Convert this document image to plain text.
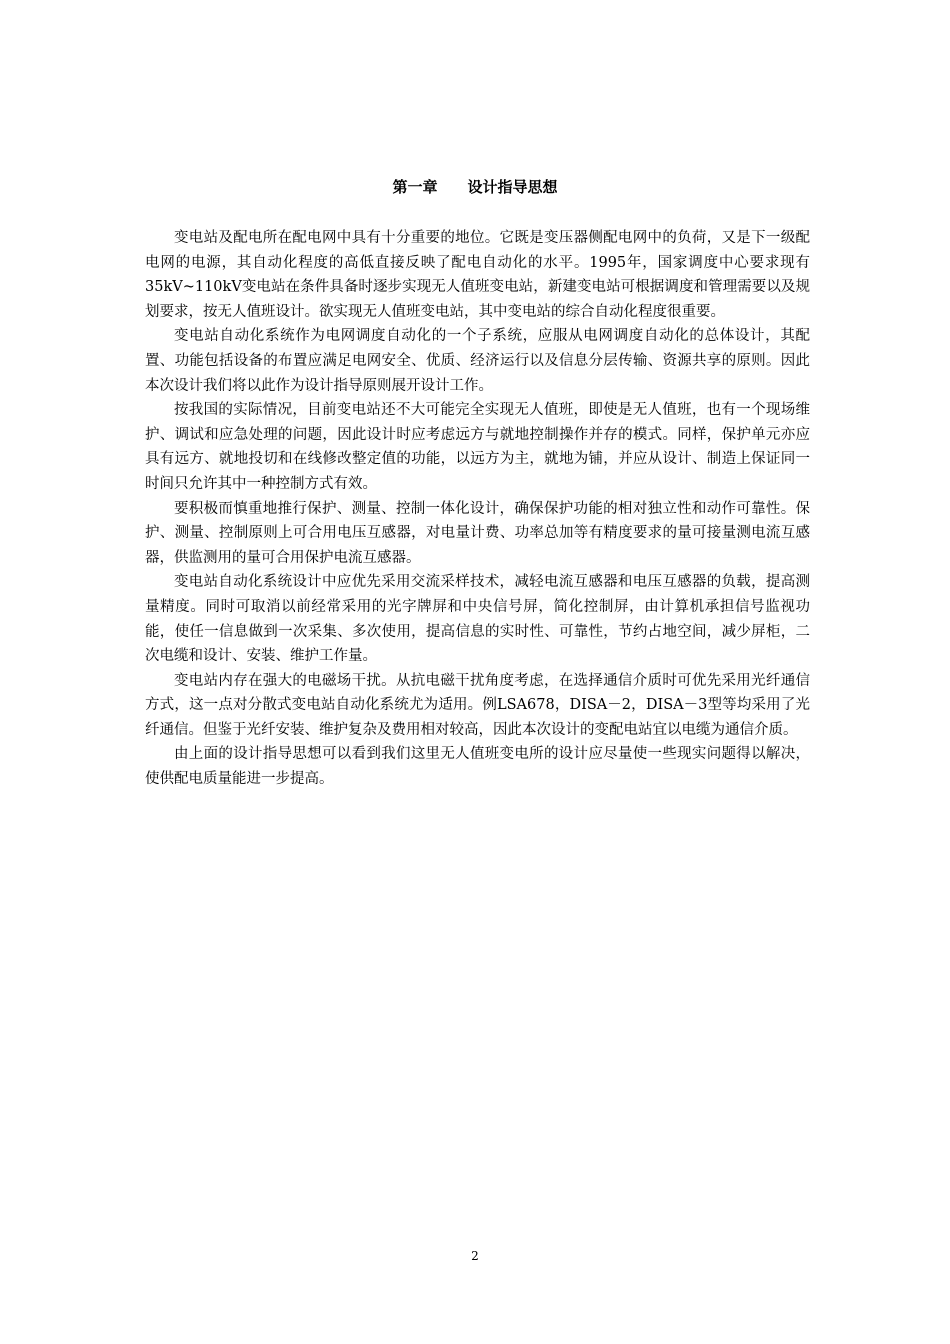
第一章　　设计指导思想

变电站及配电所在配电网中具有十分重要的地位。它既是变压器侧配电网中的负荷，又是下一级配电网的电源，其自动化程度的高低直接反映了配电自动化的水平。1995年，国家调度中心要求现有35kV~110kV变电站在条件具备时逐步实现无人值班变电站，新建变电站可根据调度和管理需要以及规划要求，按无人值班设计。欲实现无人值班变电站，其中变电站的综合自动化程度很重要。

变电站自动化系统作为电网调度自动化的一个子系统，应服从电网调度自动化的总体设计，其配置、功能包括设备的布置应满足电网安全、优质、经济运行以及信息分层传输、资源共享的原则。因此本次设计我们将以此作为设计指导原则展开设计工作。

按我国的实际情况，目前变电站还不大可能完全实现无人值班，即使是无人值班，也有一个现场维护、调试和应急处理的问题，因此设计时应考虑远方与就地控制操作并存的模式。同样，保护单元亦应具有远方、就地投切和在线修改整定值的功能，以远方为主，就地为铺，并应从设计、制造上保证同一时间只允许其中一种控制方式有效。

要积极而慎重地推行保护、测量、控制一体化设计，确保保护功能的相对独立性和动作可靠性。保护、测量、控制原则上可合用电压互感器，对电量计费、功率总加等有精度要求的量可接量测电流互感器，供监测用的量可合用保护电流互感器。

变电站自动化系统设计中应优先采用交流采样技术，减轻电流互感器和电压互感器的负载，提高测量精度。同时可取消以前经常采用的光字牌屏和中央信号屏，简化控制屏，由计算机承担信号监视功能，使任一信息做到一次采集、多次使用，提高信息的实时性、可靠性，节约占地空间，减少屏柜，二次电缆和设计、安装、维护工作量。

变电站内存在强大的电磁场干扰。从抗电磁干扰角度考虑，在选择通信介质时可优先采用光纤通信方式，这一点对分散式变电站自动化系统尤为适用。例LSA678，DISA－2，DISA－3型等均采用了光纤通信。但鉴于光纤安装、维护复杂及费用相对较高，因此本次设计的变配电站宜以电缆为通信介质。

由上面的设计指导思想可以看到我们这里无人值班变电所的设计应尽量使一些现实问题得以解决，使供配电质量能进一步提高。

2
